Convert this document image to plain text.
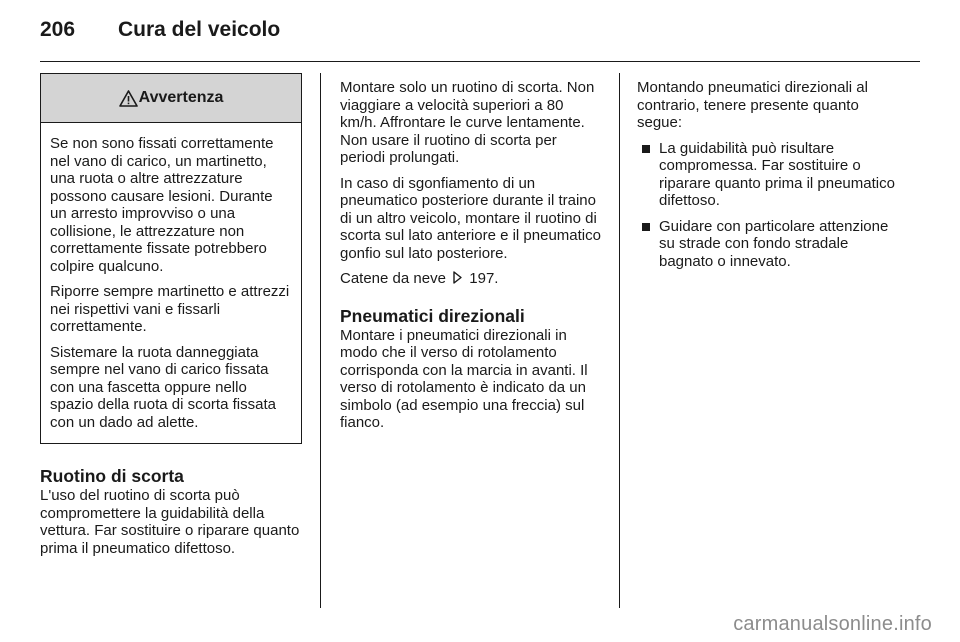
206	Cura del veicolo
Avvertenza

Se non sono fissati correttamente nel vano di carico, un martinetto, una ruota o altre attrezzature possono causare lesioni. Durante un arresto improvviso o una collisione, le attrezzature non correttamente fissate potrebbero colpire qualcuno.

Riporre sempre martinetto e attrezzi nei rispettivi vani e fissarli correttamente.

Sistemare la ruota danneggiata sempre nel vano di carico fissata con una fascetta oppure nello spazio della ruota di scorta fissata con un dado ad alette.

Ruotino di scorta

L'uso del ruotino di scorta può compromettere la guidabilità della vettura. Far sostituire o riparare quanto prima il pneumatico difettoso.

Montare solo un ruotino di scorta. Non viaggiare a velocità superiori a 80 km/h. Affrontare le curve lentamente. Non usare il ruotino di scorta per periodi prolungati.

In caso di sgonfiamento di un pneumatico posteriore durante il traino di un altro veicolo, montare il ruotino di scorta sul lato anteriore e il pneumatico gonfio sul lato posteriore.

Catene da neve 197.

Pneumatici direzionali

Montare i pneumatici direzionali in modo che il verso di rotolamento corrisponda con la marcia in avanti. Il verso di rotolamento è indicato da un simbolo (ad esempio una freccia) sul fianco.

Montando pneumatici direzionali al contrario, tenere presente quanto segue:

La guidabilità può risultare compromessa. Far sostituire o riparare quanto prima il pneumatico difettoso.
Guidare con particolare attenzione su strade con fondo stradale bagnato o innevato.
carmanualsonline.info
